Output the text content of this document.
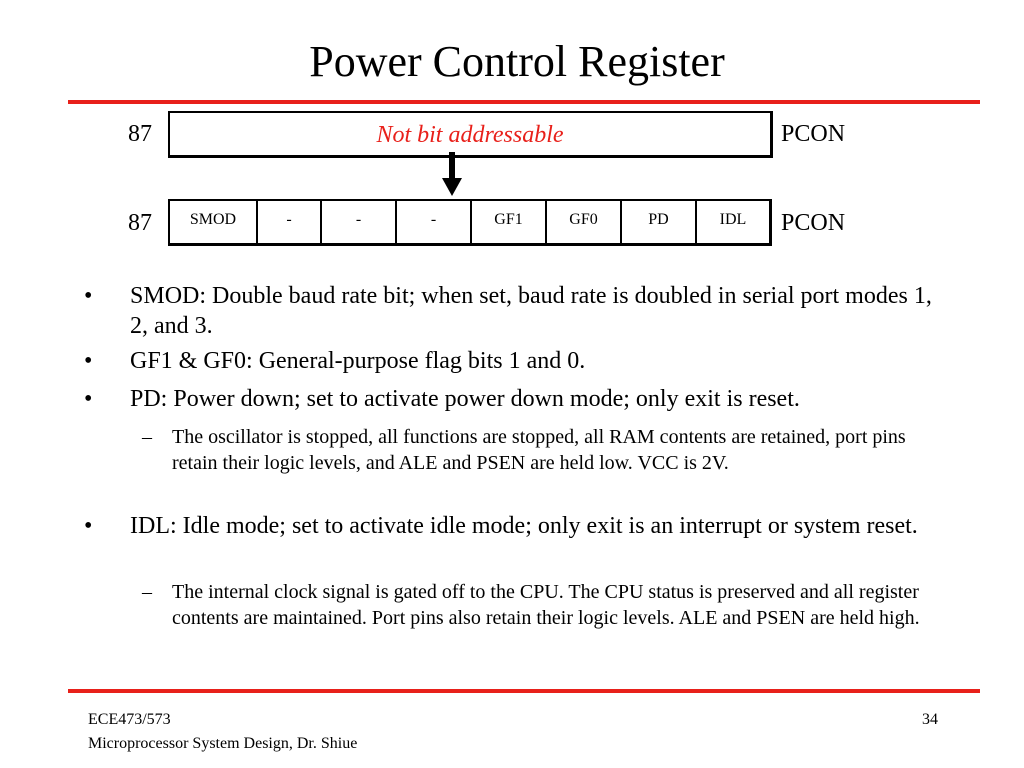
Power Control Register
87	Not bit addressable	PCON
87	SMOD	-	-	-	GF1	GF0	PD	IDL	PCON
• SMOD: Double baud rate bit; when set, baud rate is doubled in serial port modes 1, 2, and 3.
• GF1 & GF0: General-purpose flag bits 1 and 0.
• PD: Power down; set to activate power down mode; only exit is reset.
– The oscillator is stopped, all functions are stopped, all RAM contents are retained, port pins retain their logic levels, and ALE and PSEN are held low. VCC is 2V.
• IDL: Idle mode; set to activate idle mode; only exit is an interrupt or system reset.
– The internal clock signal is gated off to the CPU. The CPU status is preserved and all register contents are maintained. Port pins also retain their logic levels. ALE and PSEN are held high.
ECE473/573
Microprocessor System Design, Dr. Shiue
34
